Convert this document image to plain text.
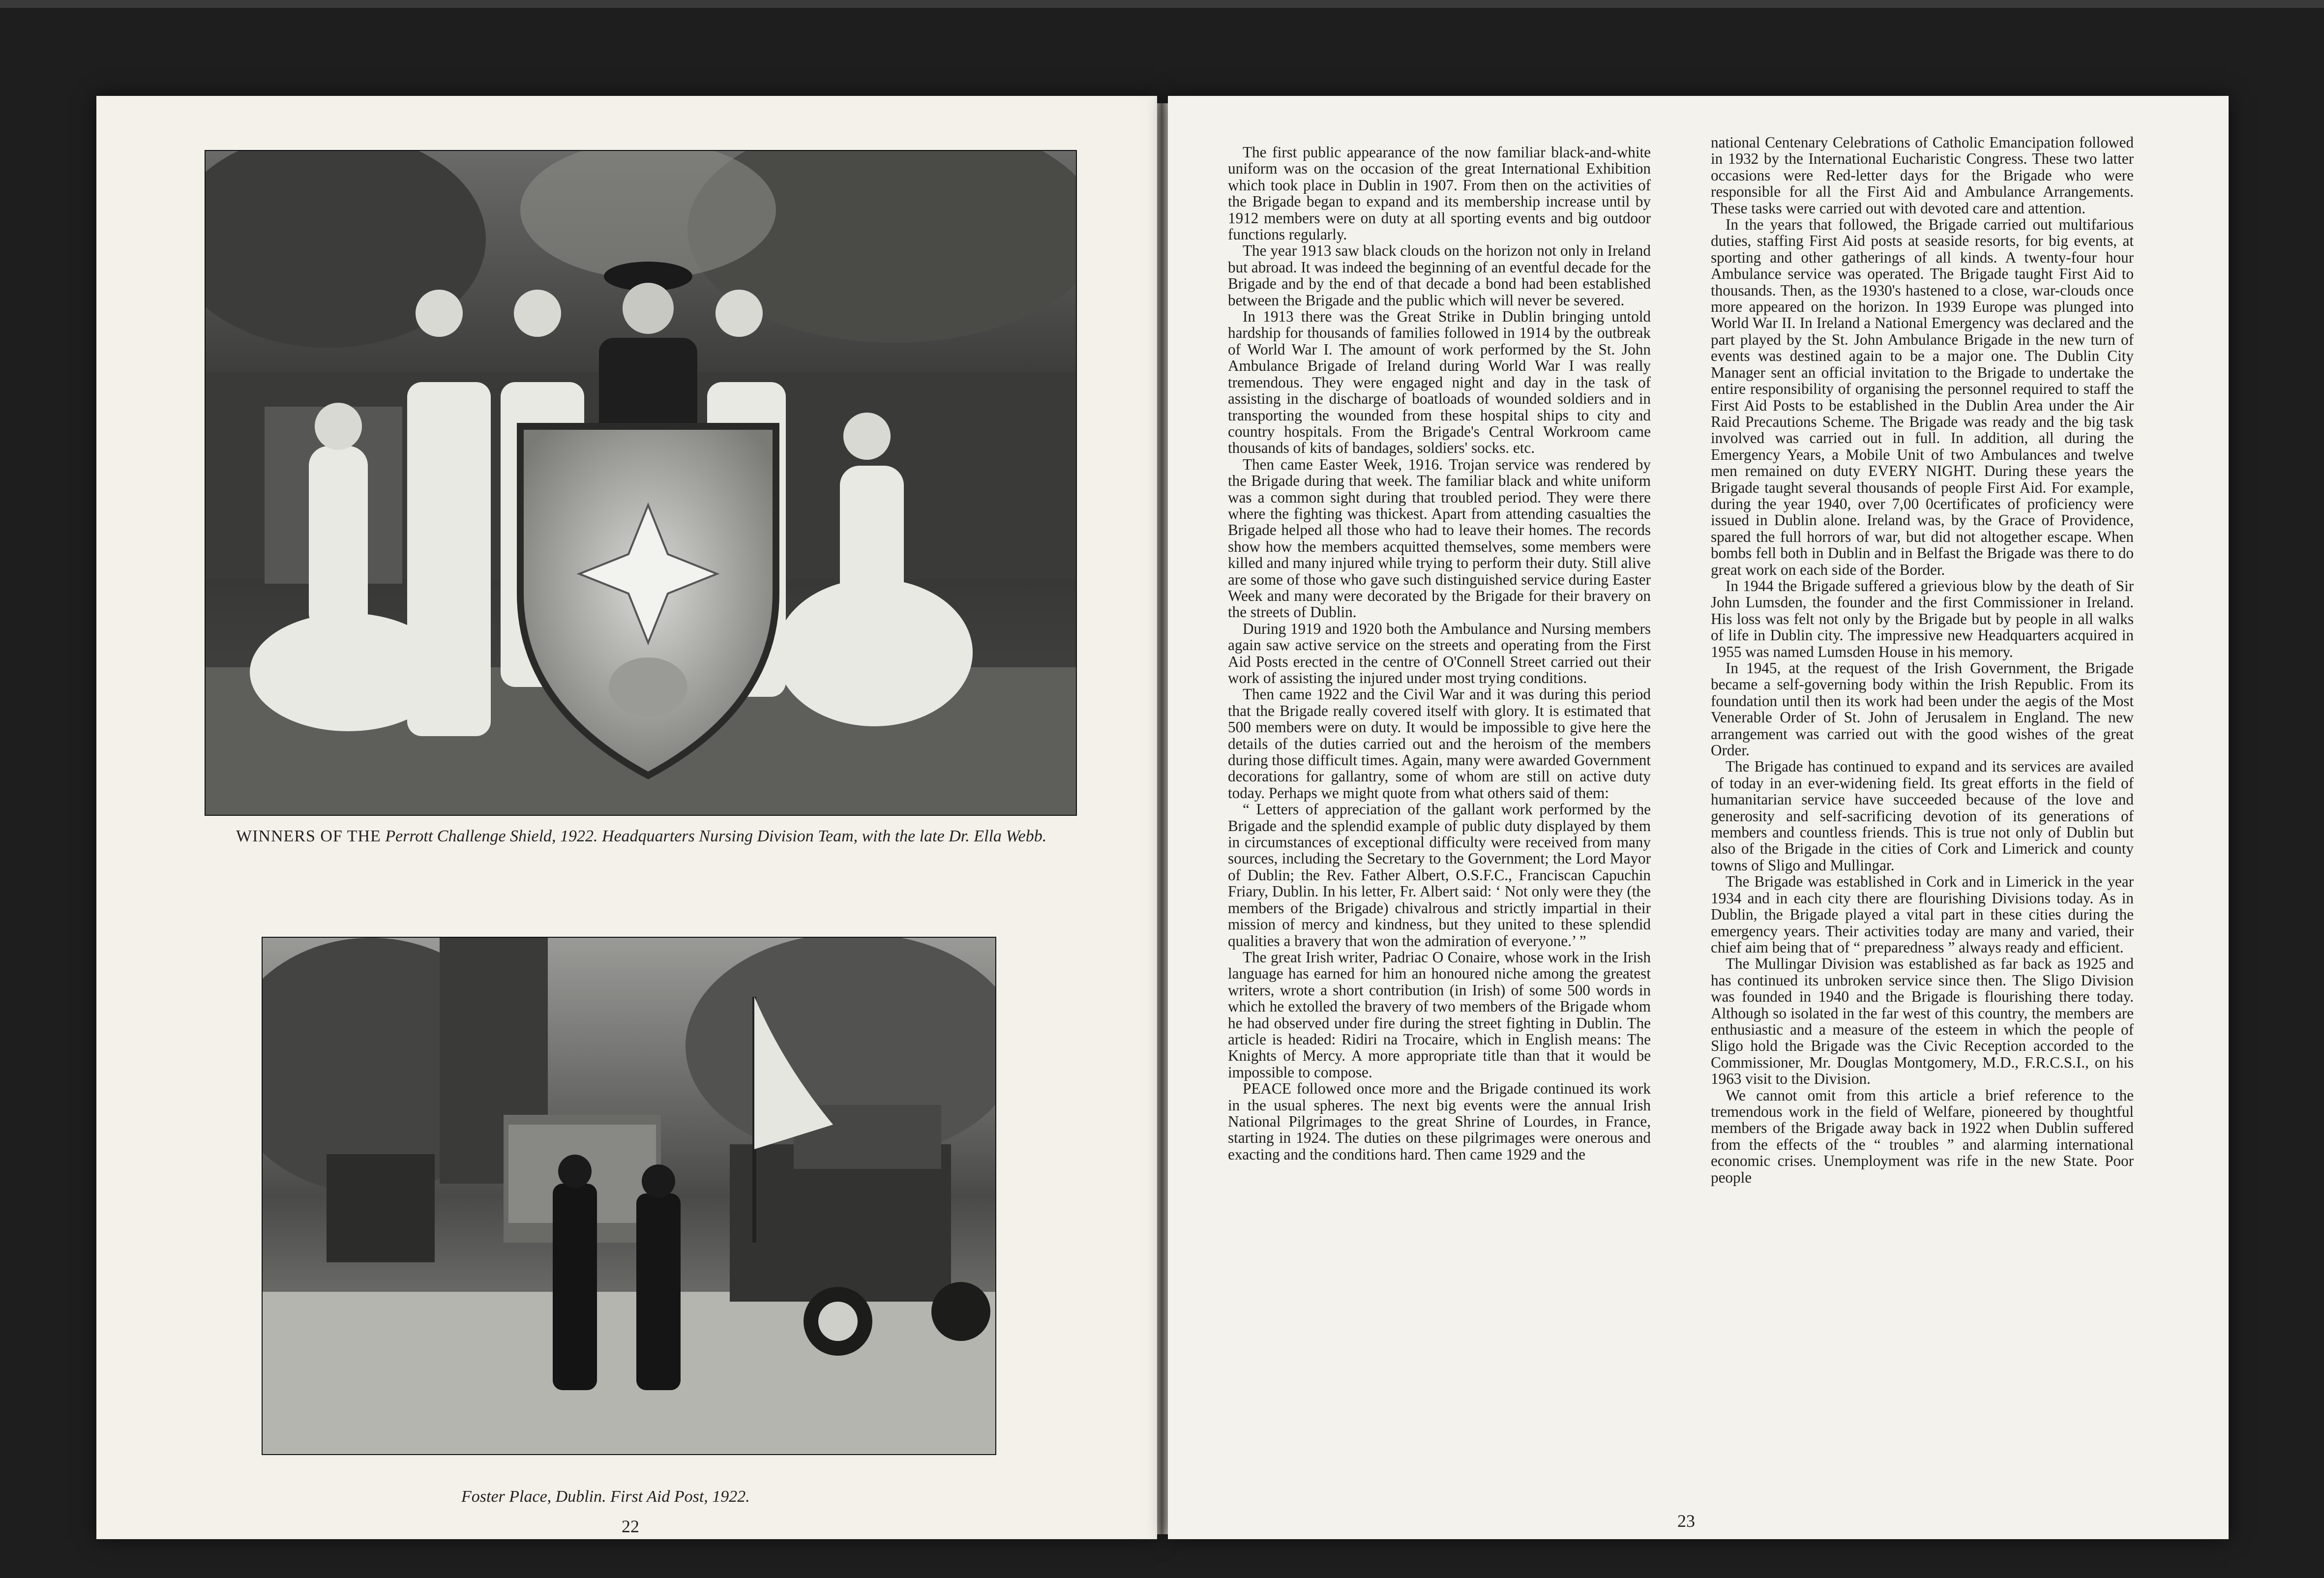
WINNERS OF THE Perrott Challenge Shield, 1922. Headquarters Nursing Division Team, with the late Dr. Ella Webb.
Foster Place, Dublin. First Aid Post, 1922.
22

The first public appearance of the now familiar black-and-white uniform was on the occasion of the great International Exhibition which took place in Dublin in 1907. From then on the activities of the Brigade began to expand and its membership increase until by 1912 members were on duty at all sporting events and big outdoor functions regularly.

The year 1913 saw black clouds on the horizon not only in Ireland but abroad. It was indeed the beginning of an eventful decade for the Brigade and by the end of that decade a bond had been established between the Brigade and the public which will never be severed.

In 1913 there was the Great Strike in Dublin bringing untold hardship for thousands of families followed in 1914 by the outbreak of World War I. The amount of work performed by the St. John Ambulance Brigade of Ireland during World War I was really tremendous. They were engaged night and day in the task of assisting in the discharge of boatloads of wounded soldiers and in transporting the wounded from these hospital ships to city and country hospitals. From the Brigade's Central Workroom came thousands of kits of bandages, soldiers' socks. etc.

Then came Easter Week, 1916. Trojan service was rendered by the Brigade during that week. The familiar black and white uniform was a common sight during that troubled period. They were there where the fighting was thickest. Apart from attending casualties the Brigade helped all those who had to leave their homes. The records show how the members acquitted themselves, some members were killed and many injured while trying to perform their duty. Still alive are some of those who gave such distinguished service during Easter Week and many were decorated by the Brigade for their bravery on the streets of Dublin.

During 1919 and 1920 both the Ambulance and Nursing members again saw active service on the streets and operating from the First Aid Posts erected in the centre of O'Connell Street carried out their work of assisting the injured under most trying conditions.

Then came 1922 and the Civil War and it was during this period that the Brigade really covered itself with glory. It is estimated that 500 members were on duty. It would be impossible to give here the details of the duties carried out and the heroism of the members during those difficult times. Again, many were awarded Government decorations for gallantry, some of whom are still on active duty today. Perhaps we might quote from what others said of them:

“ Letters of appreciation of the gallant work performed by the Brigade and the splendid example of public duty displayed by them in circumstances of exceptional difficulty were received from many sources, including the Secretary to the Government; the Lord Mayor of Dublin; the Rev. Father Albert, O.S.F.C., Franciscan Capuchin Friary, Dublin. In his letter, Fr. Albert said: ‘ Not only were they (the members of the Brigade) chivalrous and strictly impartial in their mission of mercy and kindness, but they united to these splendid qualities a bravery that won the admiration of everyone.’ ”

The great Irish writer, Padriac O Conaire, whose work in the Irish language has earned for him an honoured niche among the greatest writers, wrote a short contribution (in Irish) of some 500 words in which he extolled the bravery of two members of the Brigade whom he had observed under fire during the street fighting in Dublin. The article is headed: Ridiri na Trocaire, which in English means: The Knights of Mercy. A more appropriate title than that it would be impossible to compose.

PEACE followed once more and the Brigade continued its work in the usual spheres. The next big events were the annual Irish National Pilgrimages to the great Shrine of Lourdes, in France, starting in 1924. The duties on these pilgrimages were onerous and exacting and the conditions hard. Then came 1929 and the

national Centenary Celebrations of Catholic Emancipation followed in 1932 by the International Eucharistic Congress. These two latter occasions were Red-letter days for the Brigade who were responsible for all the First Aid and Ambulance Arrangements. These tasks were carried out with devoted care and attention.

In the years that followed, the Brigade carried out multifarious duties, staffing First Aid posts at seaside resorts, for big events, at sporting and other gatherings of all kinds. A twenty-four hour Ambulance service was operated. The Brigade taught First Aid to thousands. Then, as the 1930's hastened to a close, war-clouds once more appeared on the horizon. In 1939 Europe was plunged into World War II. In Ireland a National Emergency was declared and the part played by the St. John Ambulance Brigade in the new turn of events was destined again to be a major one. The Dublin City Manager sent an official invitation to the Brigade to undertake the entire responsibility of organising the personnel required to staff the First Aid Posts to be established in the Dublin Area under the Air Raid Precautions Scheme. The Brigade was ready and the big task involved was carried out in full. In addition, all during the Emergency Years, a Mobile Unit of two Ambulances and twelve men remained on duty EVERY NIGHT. During these years the Brigade taught several thousands of people First Aid. For example, during the year 1940, over 7,00 0certificates of proficiency were issued in Dublin alone. Ireland was, by the Grace of Providence, spared the full horrors of war, but did not altogether escape. When bombs fell both in Dublin and in Belfast the Brigade was there to do great work on each side of the Border.

In 1944 the Brigade suffered a grievious blow by the death of Sir John Lumsden, the founder and the first Commissioner in Ireland. His loss was felt not only by the Brigade but by people in all walks of life in Dublin city. The impressive new Headquarters acquired in 1955 was named Lumsden House in his memory.

In 1945, at the request of the Irish Government, the Brigade became a self-governing body within the Irish Republic. From its foundation until then its work had been under the aegis of the Most Venerable Order of St. John of Jerusalem in England. The new arrangement was carried out with the good wishes of the great Order.

The Brigade has continued to expand and its services are availed of today in an ever-widening field. Its great efforts in the field of humanitarian service have succeeded because of the love and generosity and self-sacrificing devotion of its generations of members and countless friends. This is true not only of Dublin but also of the Brigade in the cities of Cork and Limerick and county towns of Sligo and Mullingar.

The Brigade was established in Cork and in Limerick in the year 1934 and in each city there are flourishing Divisions today. As in Dublin, the Brigade played a vital part in these cities during the emergency years. Their activities today are many and varied, their chief aim being that of “ preparedness ” always ready and efficient.

The Mullingar Division was established as far back as 1925 and has continued its unbroken service since then. The Sligo Division was founded in 1940 and the Brigade is flourishing there today. Although so isolated in the far west of this country, the members are enthusiastic and a measure of the esteem in which the people of Sligo hold the Brigade was the Civic Reception accorded to the Commissioner, Mr. Douglas Montgomery, M.D., F.R.C.S.I., on his 1963 visit to the Division.

We cannot omit from this article a brief reference to the tremendous work in the field of Welfare, pioneered by thoughtful members of the Brigade away back in 1922 when Dublin suffered from the effects of the “ troubles ” and alarming international economic crises. Unemployment was rife in the new State. Poor people

23
